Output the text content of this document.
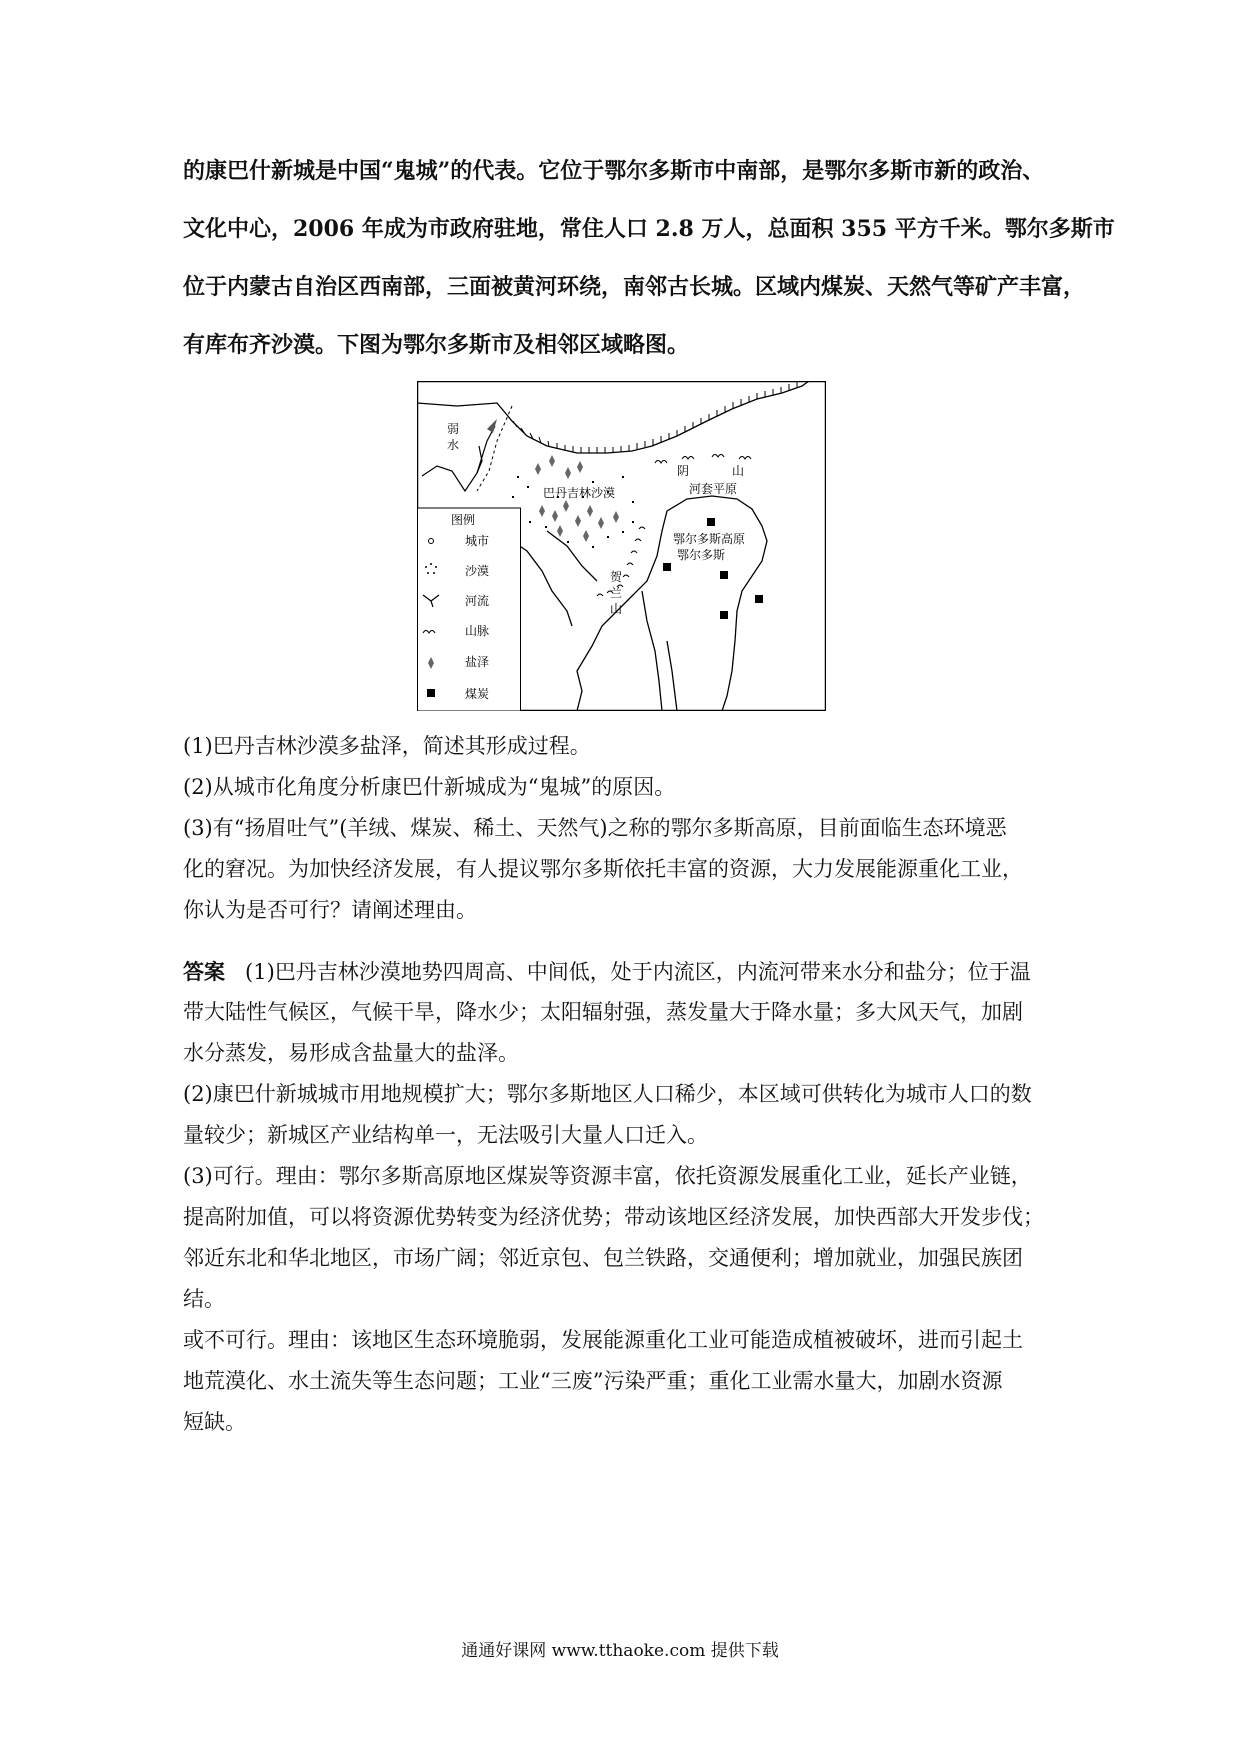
的康巴什新城是中国“鬼城”的代表。它位于鄂尔多斯市中南部，是鄂尔多斯市新的政治、
文化中心，2006 年成为市政府驻地，常住人口 2.8 万人，总面积 355 平方千米。鄂尔多斯市
位于内蒙古自治区西南部，三面被黄河环绕，南邻古长城。区域内煤炭、天然气等矿产丰富，
有库布齐沙漠。下图为鄂尔多斯市及相邻区域略图。
弱
水
巴丹吉林沙漠
阴	山
河套平原
鄂尔多斯高原
鄂尔多斯
贺
兰
山
图例
城市
沙漠
河流
山脉
盐泽
煤炭
(1)巴丹吉林沙漠多盐泽，简述其形成过程。
(2)从城市化角度分析康巴什新城成为“鬼城”的原因。
(3)有“扬眉吐气”(羊绒、煤炭、稀土、天然气)之称的鄂尔多斯高原，目前面临生态环境恶
化的窘况。为加快经济发展，有人提议鄂尔多斯依托丰富的资源，大力发展能源重化工业，
你认为是否可行？请阐述理由。
答案 (1)巴丹吉林沙漠地势四周高、中间低，处于内流区，内流河带来水分和盐分；位于温
带大陆性气候区，气候干旱，降水少；太阳辐射强，蒸发量大于降水量；多大风天气，加剧
水分蒸发，易形成含盐量大的盐泽。
(2)康巴什新城城市用地规模扩大；鄂尔多斯地区人口稀少，本区域可供转化为城市人口的数
量较少；新城区产业结构单一，无法吸引大量人口迁入。
(3)可行。理由：鄂尔多斯高原地区煤炭等资源丰富，依托资源发展重化工业，延长产业链，
提高附加值，可以将资源优势转变为经济优势；带动该地区经济发展，加快西部大开发步伐；
邻近东北和华北地区，市场广阔；邻近京包、包兰铁路，交通便利；增加就业，加强民族团
结。
或不可行。理由：该地区生态环境脆弱，发展能源重化工业可能造成植被破坏，进而引起土
地荒漠化、水土流失等生态问题；工业“三废”污染严重；重化工业需水量大，加剧水资源
短缺。
通通好课网 www.tthaoke.com 提供下载
